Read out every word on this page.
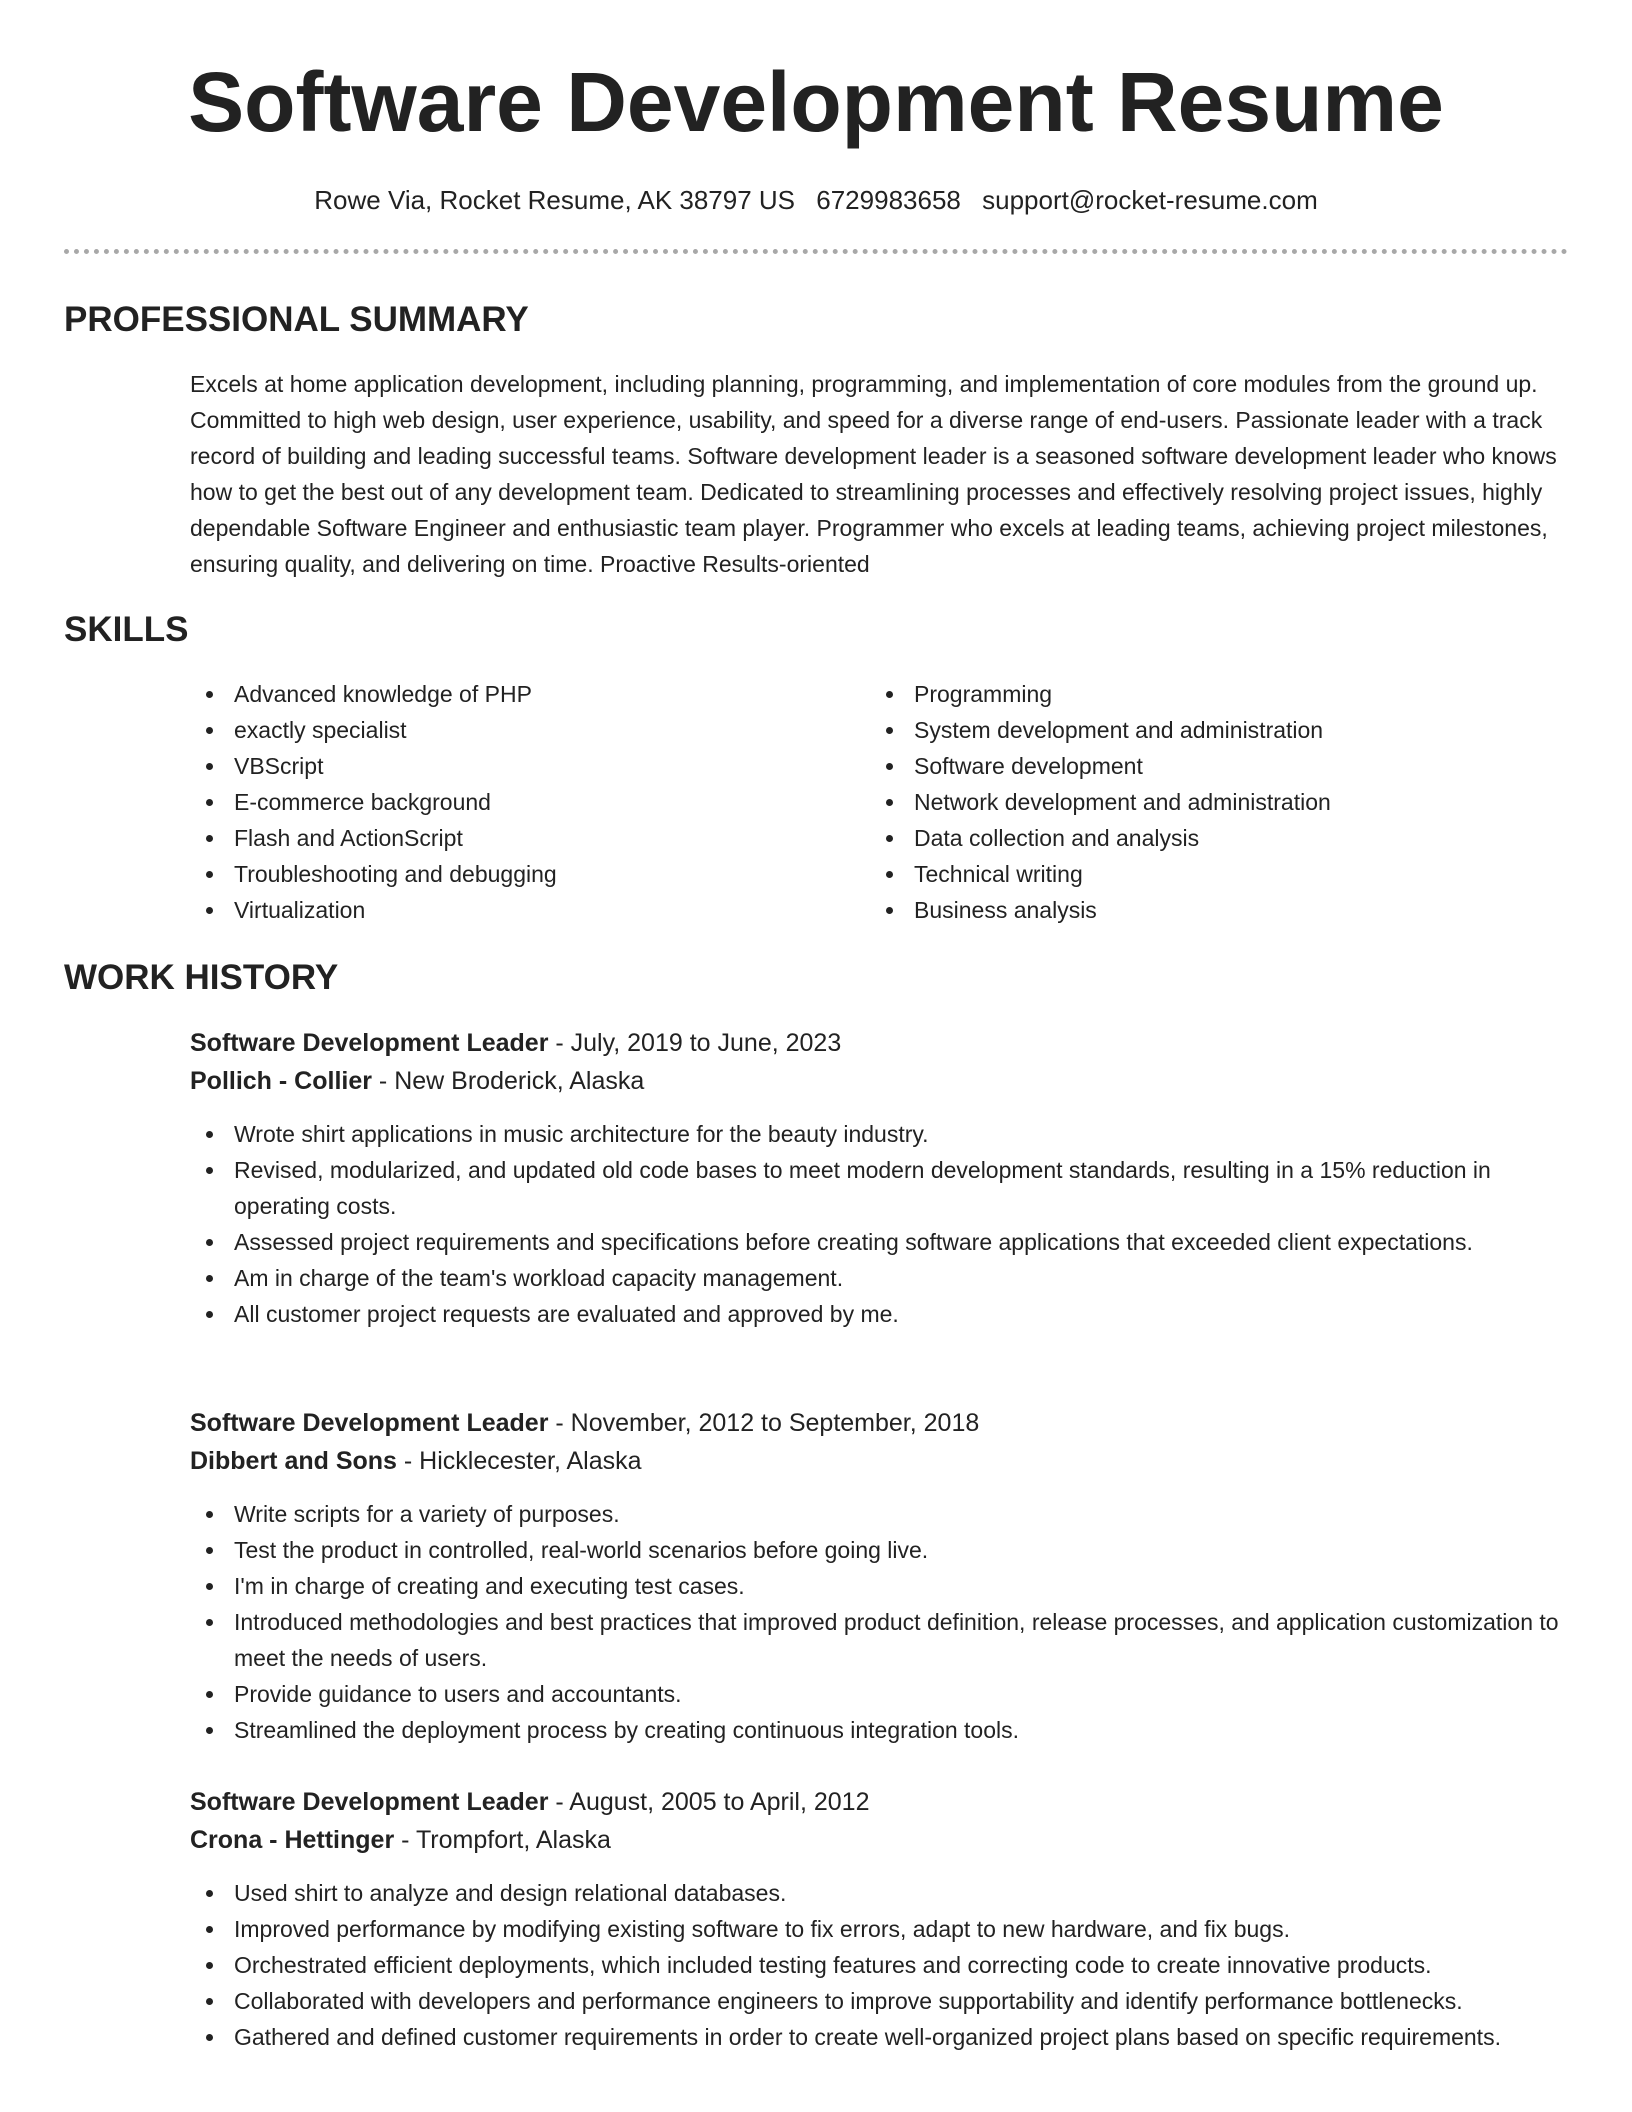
Software Development Resume
Rowe Via, Rocket Resume, AK 38797 US 6729983658 support@rocket-resume.com
PROFESSIONAL SUMMARY

Excels at home application development, including planning, programming, and implementation of core modules from the ground up. Committed to high web design, user experience, usability, and speed for a diverse range of end-users. Passionate leader with a track record of building and leading successful teams. Software development leader is a seasoned software development leader who knows how to get the best out of any development team. Dedicated to streamlining processes and effectively resolving project issues, highly dependable Software Engineer and enthusiastic team player. Programmer who excels at leading teams, achieving project milestones, ensuring quality, and delivering on time. Proactive Results-oriented

SKILLS
Advanced knowledge of PHP
exactly specialist
VBScript
E-commerce background
Flash and ActionScript
Troubleshooting and debugging
Virtualization
Programming
System development and administration
Software development
Network development and administration
Data collection and analysis
Technical writing
Business analysis
WORK HISTORY
Software Development Leader - July, 2019 to June, 2023
Pollich - Collier - New Broderick, Alaska
Wrote shirt applications in music architecture for the beauty industry.
Revised, modularized, and updated old code bases to meet modern development standards, resulting in a 15% reduction in operating costs.
Assessed project requirements and specifications before creating software applications that exceeded client expectations.
Am in charge of the team's workload capacity management.
All customer project requests are evaluated and approved by me.
Software Development Leader - November, 2012 to September, 2018
Dibbert and Sons - Hicklecester, Alaska
Write scripts for a variety of purposes.
Test the product in controlled, real-world scenarios before going live.
I'm in charge of creating and executing test cases.
Introduced methodologies and best practices that improved product definition, release processes, and application customization to meet the needs of users.
Provide guidance to users and accountants.
Streamlined the deployment process by creating continuous integration tools.
Software Development Leader - August, 2005 to April, 2012
Crona - Hettinger - Trompfort, Alaska
Used shirt to analyze and design relational databases.
Improved performance by modifying existing software to fix errors, adapt to new hardware, and fix bugs.
Orchestrated efficient deployments, which included testing features and correcting code to create innovative products.
Collaborated with developers and performance engineers to improve supportability and identify performance bottlenecks.
Gathered and defined customer requirements in order to create well-organized project plans based on specific requirements.
